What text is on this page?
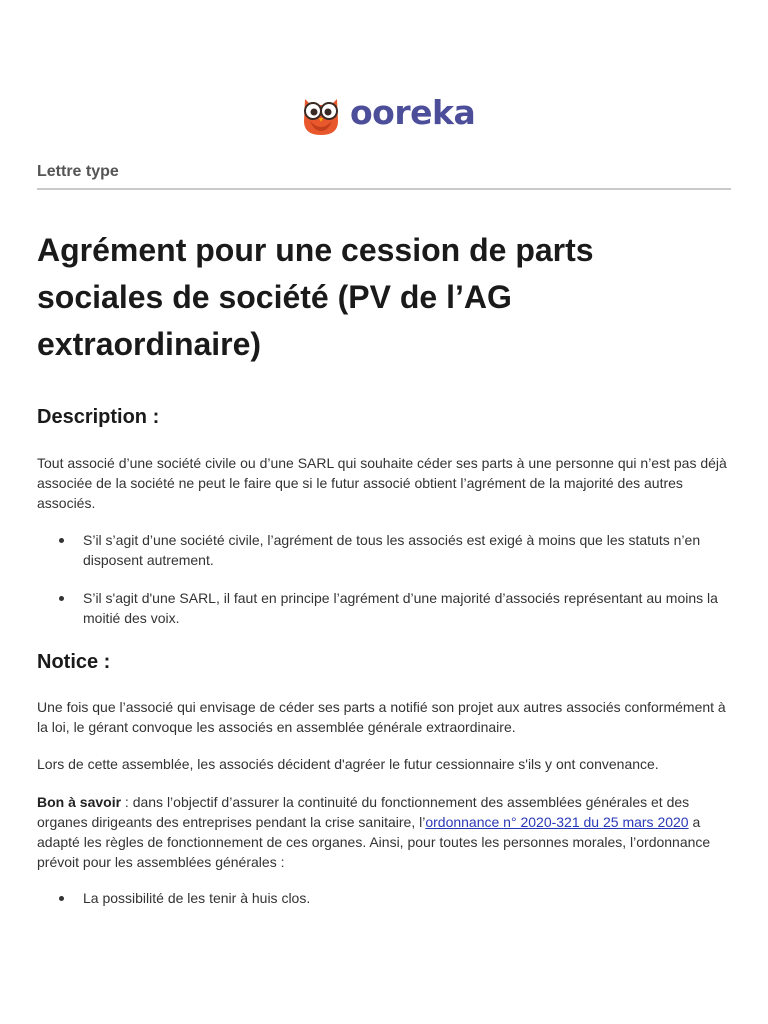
ooreka
Lettre type
Agrément pour une cession de parts sociales de société (PV de l’AG extraordinaire)
Description :

Tout associé d’une société civile ou d’une SARL qui souhaite céder ses parts à une personne qui n’est pas déjà associée de la société ne peut le faire que si le futur associé obtient l’agrément de la majorité des autres associés.

S’il s’agit d’une société civile, l’agrément de tous les associés est exigé à moins que les statuts n’en disposent autrement.
S’il s'agit d'une SARL, il faut en principe l’agrément d’une majorité d’associés représentant au moins la moitié des voix.
Notice :

Une fois que l’associé qui envisage de céder ses parts a notifié son projet aux autres associés conformément à la loi, le gérant convoque les associés en assemblée générale extraordinaire.

Lors de cette assemblée, les associés décident d'agréer le futur cessionnaire s'ils y ont convenance.

Bon à savoir : dans l’objectif d’assurer la continuité du fonctionnement des assemblées générales et des organes dirigeants des entreprises pendant la crise sanitaire, l’ordonnance n° 2020-321 du 25 mars 2020 a adapté les règles de fonctionnement de ces organes. Ainsi, pour toutes les personnes morales, l’ordonnance prévoit pour les assemblées générales :

La possibilité de les tenir à huis clos.
